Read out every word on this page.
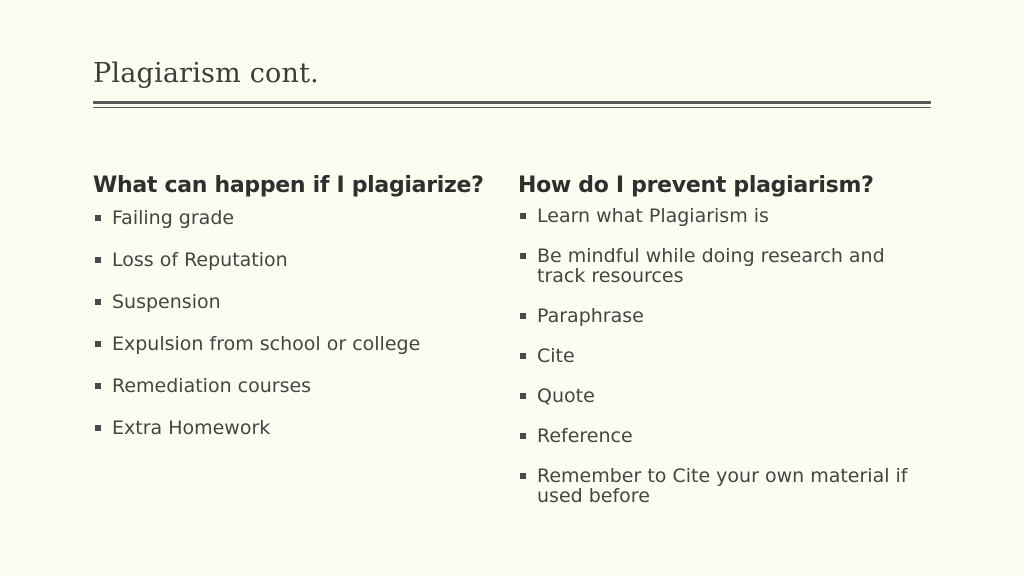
Plagiarism cont.
What can happen if I plagiarize?
Failing grade
Loss of Reputation
Suspension
Expulsion from school or college
Remediation courses
Extra Homework
How do I prevent plagiarism?
Learn what Plagiarism is
Be mindful while doing research and track resources
Paraphrase
Cite
Quote
Reference
Remember to Cite your own material if used before
